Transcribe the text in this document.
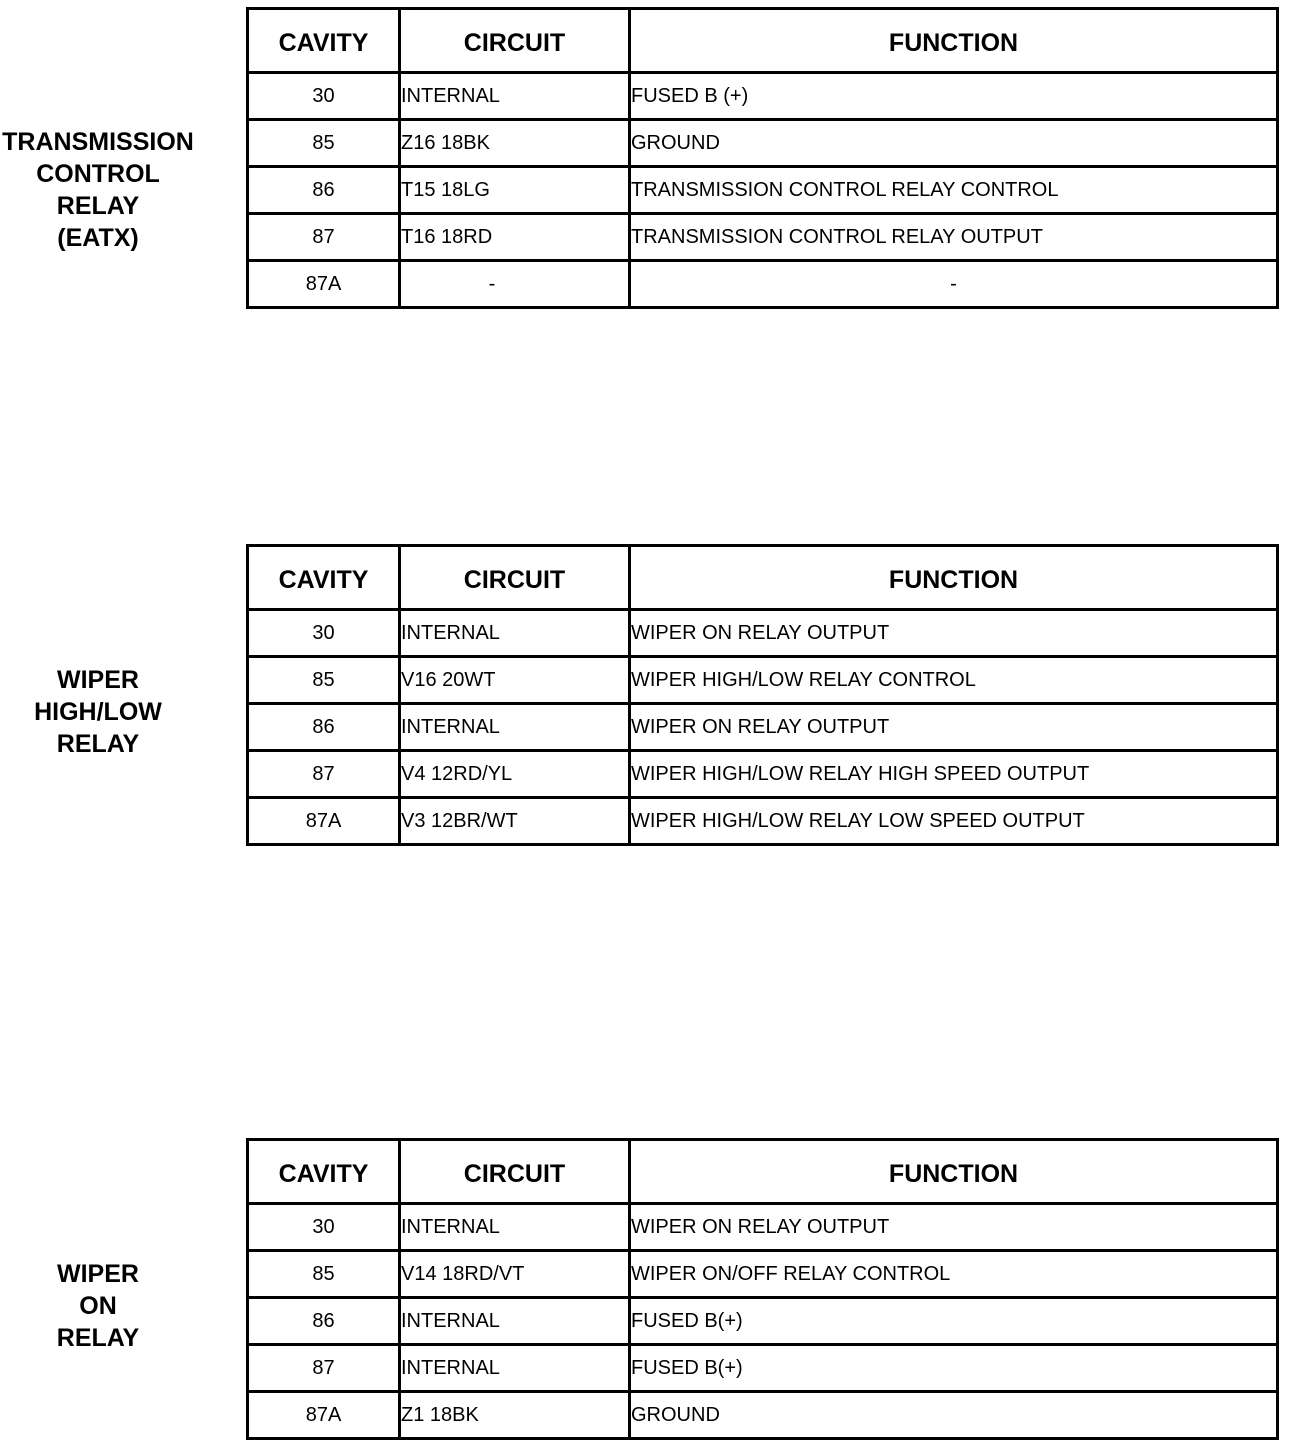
TRANSMISSION
CONTROL
RELAY
(EATX)
CAVITY	CIRCUIT	FUNCTION
30	INTERNAL	FUSED B (+)
85	Z16 18BK	GROUND
86	T15 18LG	TRANSMISSION CONTROL RELAY CONTROL
87	T16 18RD	TRANSMISSION CONTROL RELAY OUTPUT
87A	-	-
WIPER
HIGH/LOW
RELAY
CAVITY	CIRCUIT	FUNCTION
30	INTERNAL	WIPER ON RELAY OUTPUT
85	V16 20WT	WIPER HIGH/LOW RELAY CONTROL
86	INTERNAL	WIPER ON RELAY OUTPUT
87	V4 12RD/YL	WIPER HIGH/LOW RELAY HIGH SPEED OUTPUT
87A	V3 12BR/WT	WIPER HIGH/LOW RELAY LOW SPEED OUTPUT
WIPER
ON
RELAY
CAVITY	CIRCUIT	FUNCTION
30	INTERNAL	WIPER ON RELAY OUTPUT
85	V14 18RD/VT	WIPER ON/OFF RELAY CONTROL
86	INTERNAL	FUSED B(+)
87	INTERNAL	FUSED B(+)
87A	Z1 18BK	GROUND
